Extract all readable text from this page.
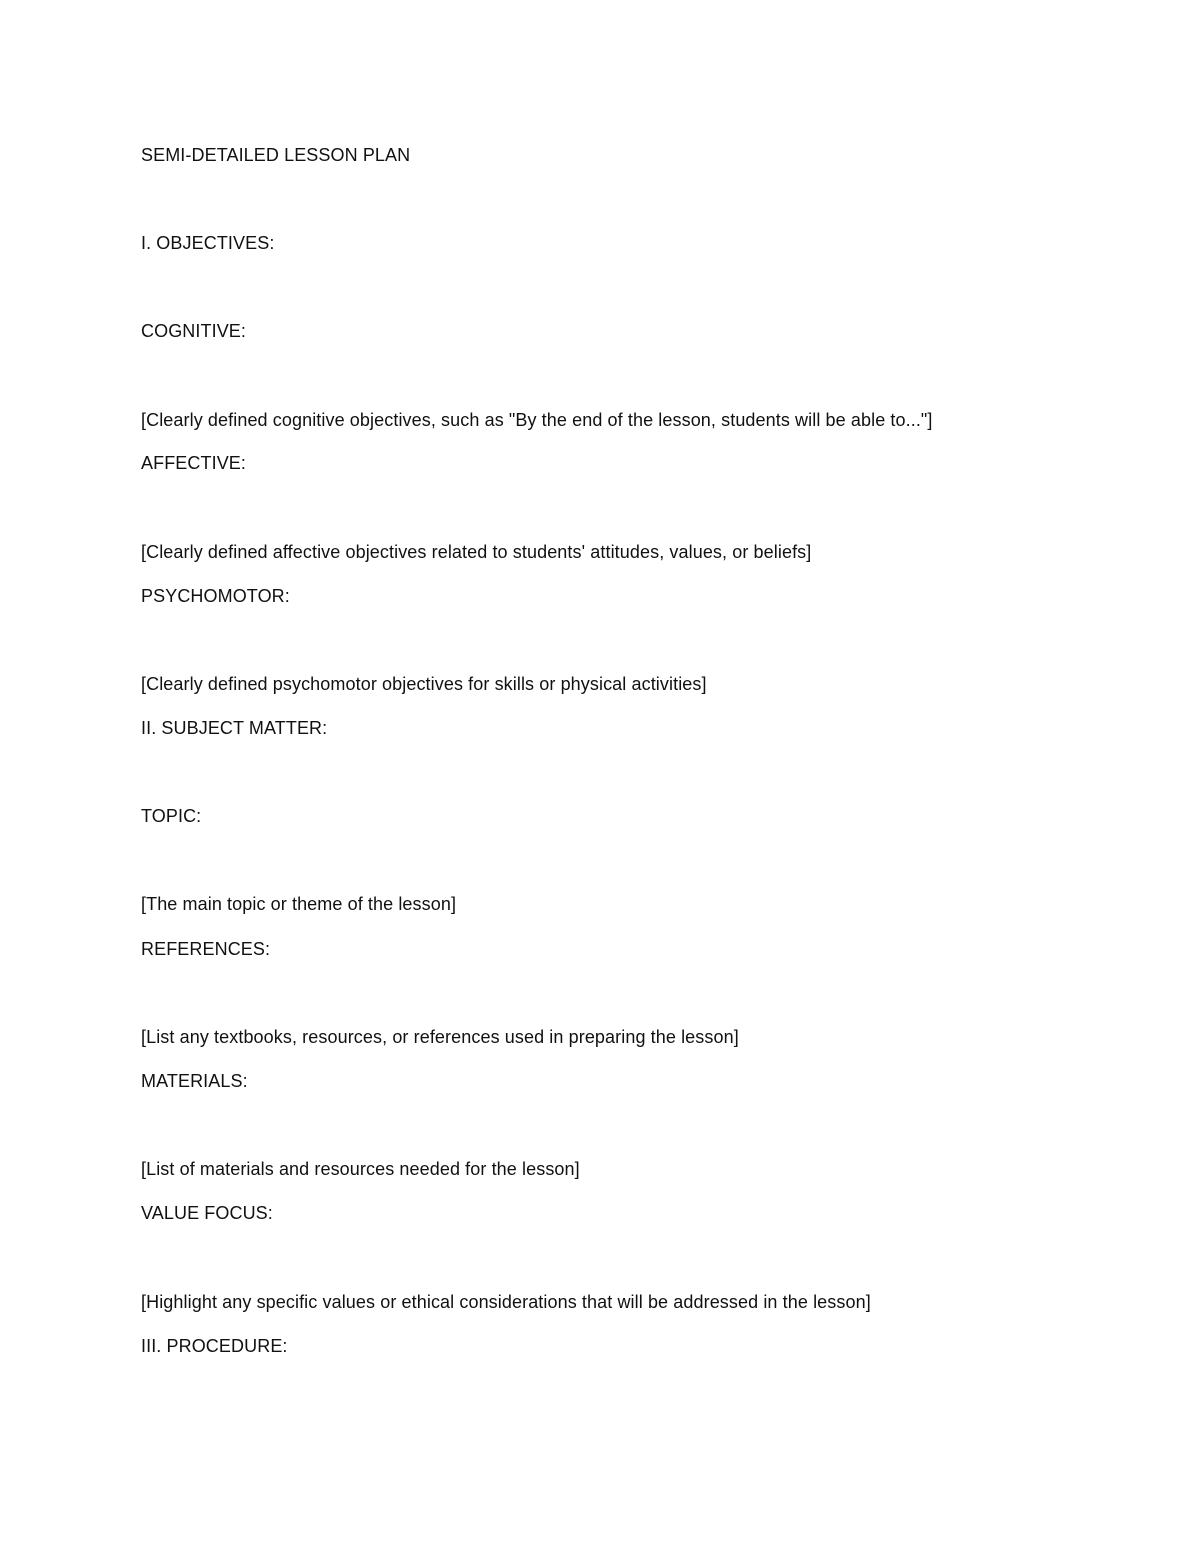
SEMI-DETAILED LESSON PLAN
I. OBJECTIVES:
COGNITIVE:
[Clearly defined cognitive objectives, such as "By the end of the lesson, students will be able to..."]
AFFECTIVE:
[Clearly defined affective objectives related to students' attitudes, values, or beliefs]
PSYCHOMOTOR:
[Clearly defined psychomotor objectives for skills or physical activities]
II. SUBJECT MATTER:
TOPIC:
[The main topic or theme of the lesson]
REFERENCES:
[List any textbooks, resources, or references used in preparing the lesson]
MATERIALS:
[List of materials and resources needed for the lesson]
VALUE FOCUS:
[Highlight any specific values or ethical considerations that will be addressed in the lesson]
III. PROCEDURE:
